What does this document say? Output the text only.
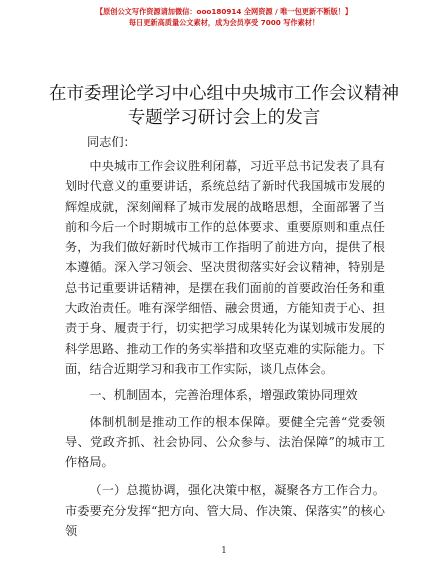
【原创公文写作资源请加微信：ooo180914 全网资源 / 唯一包更新不断版！】
每日更新高质量公文素材，成为会员享受 7000 写作素材！
在市委理论学习中心组中央城市工作会议精神
专题学习研讨会上的发言
同志们：

中央城市工作会议胜利闭幕，习近平总书记发表了具有划时代意义的重要讲话，系统总结了新时代我国城市发展的辉煌成就，深刻阐释了城市发展的战略思想，全面部署了当前和今后一个时期城市工作的总体要求、重要原则和重点任务，为我们做好新时代城市工作指明了前进方向，提供了根本遵循。深入学习领会、坚决贯彻落实好会议精神，特别是总书记重要讲话精神，是摆在我们面前的首要政治任务和重大政治责任。唯有深学细悟、融会贯通，方能知责于心、担责于身、履责于行，切实把学习成果转化为谋划城市发展的科学思路、推动工作的务实举措和攻坚克难的实际能力。下面，结合近期学习和我市工作实际，谈几点体会。

一、机制固本，完善治理体系，增强政策协同理效

体制机制是推动工作的根本保障。要健全完善“党委领导、党政齐抓、社会协同、公众参与、法治保障”的城市工作格局。

（一）总揽协调，强化决策中枢，凝聚各方工作合力。市委要充分发挥“把方向、管大局、作决策、保落实”的核心领

1
